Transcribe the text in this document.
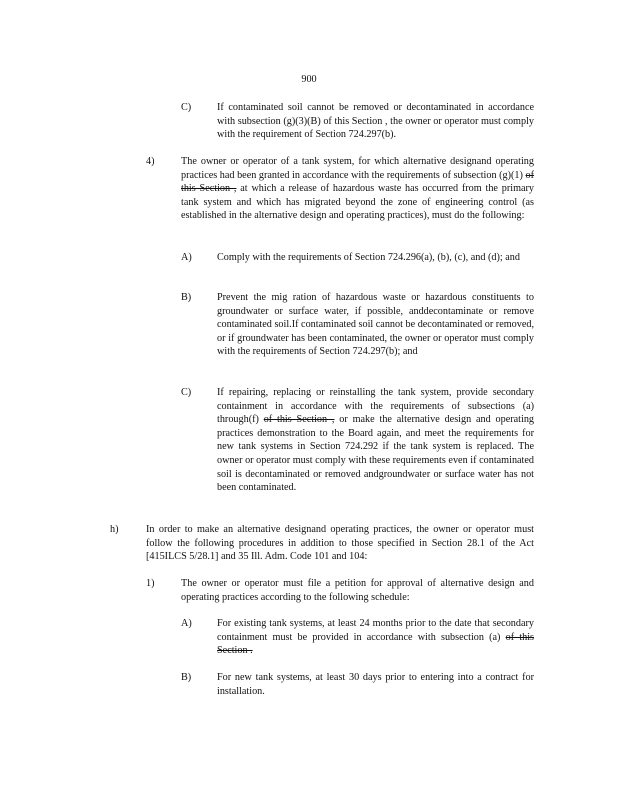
900
C)	If contaminated soil cannot be removed or decontaminated in accordance with subsection (g)(3)(B) of this Section , the owner or operator must comply with the requirement of Section 724.297(b).
4)	The owner or operator of a tank system, for which alternative designand operating practices had been granted in accordance with the requirements of subsection (g)(1) of this Section , at which a release of hazardous waste has occurred from the primary tank system and which has migrated beyond the zone of engineering control (as established in the alternative design and operating practices), must do the following:
A) Comply with the requirements of Section 724.296(a), (b), (c), and (d); and
B)	Prevent the mig ration of hazardous waste or hazardous constituents to groundwater or surface water, if possible, anddecontaminate or remove contaminated soil.If contaminated soil cannot be decontaminated or removed, or if groundwater has been contaminated, the owner or operator must comply with the requirements of Section 724.297(b); and
C)	If repairing, replacing or reinstalling the tank system, provide secondary containment in accordance with the requirements of subsections (a) through(f) of this Section , or make the alternative design and operating practices demonstration to the Board again, and meet the requirements for new tank systems in Section 724.292 if the tank system is replaced. The owner or operator must comply with these requirements even if contaminated soil is decontaminated or removed andgroundwater or surface water has not been contaminated.
h)	In order to make an alternative designand operating practices, the owner or operator must follow the following procedures in addition to those specified in Section 28.1 of the Act [415ILCS 5/28.1] and 35 Ill. Adm. Code 101 and 104:
1)	The owner or operator must file a petition for approval of alternative design and operating practices according to the following schedule:
A) For existing tank systems, at least 24 months prior to the date that secondary containment must be provided in accordance with subsection (a) of this Section .
B)	For new tank systems, at least 30 days prior to entering into a contract for installation.
